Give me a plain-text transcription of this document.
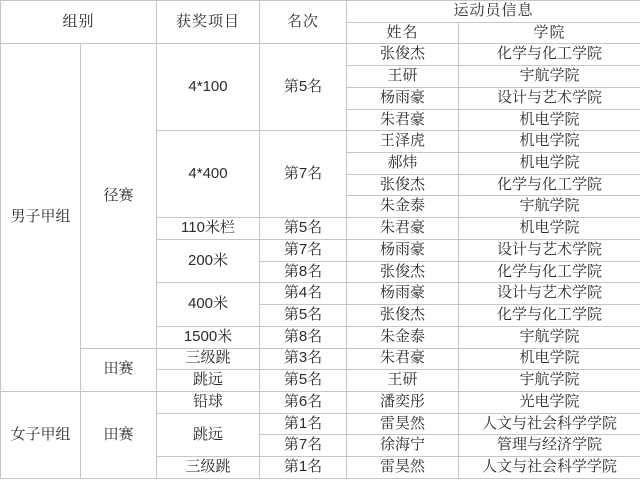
组别		获奖项目	名次	运动员信息	
				姓名	学院
男子甲组	径赛	4*100	第5名	张俊杰	化学与化工学院
				王研	宇航学院
				杨雨豪	设计与艺术学院
				朱君豪	机电学院
		4*400	第7名	王泽虎	机电学院
				郝炜	机电学院
				张俊杰	化学与化工学院
				朱金泰	宇航学院
		110米栏	第5名	朱君豪	机电学院
		200米	第7名	杨雨豪	设计与艺术学院
			第8名	张俊杰	化学与化工学院
		400米	第4名	杨雨豪	设计与艺术学院
			第5名	张俊杰	化学与化工学院
		1500米	第8名	朱金泰	宇航学院
	田赛	三级跳	第3名	朱君豪	机电学院
		跳远	第5名	王研	宇航学院
女子甲组	田赛	铅球	第6名	潘奕彤	光电学院
		跳远	第1名	雷昊然	人文与社会科学学院
			第7名	徐海宁	管理与经济学院
		三级跳	第1名	雷昊然	人文与社会科学学院
